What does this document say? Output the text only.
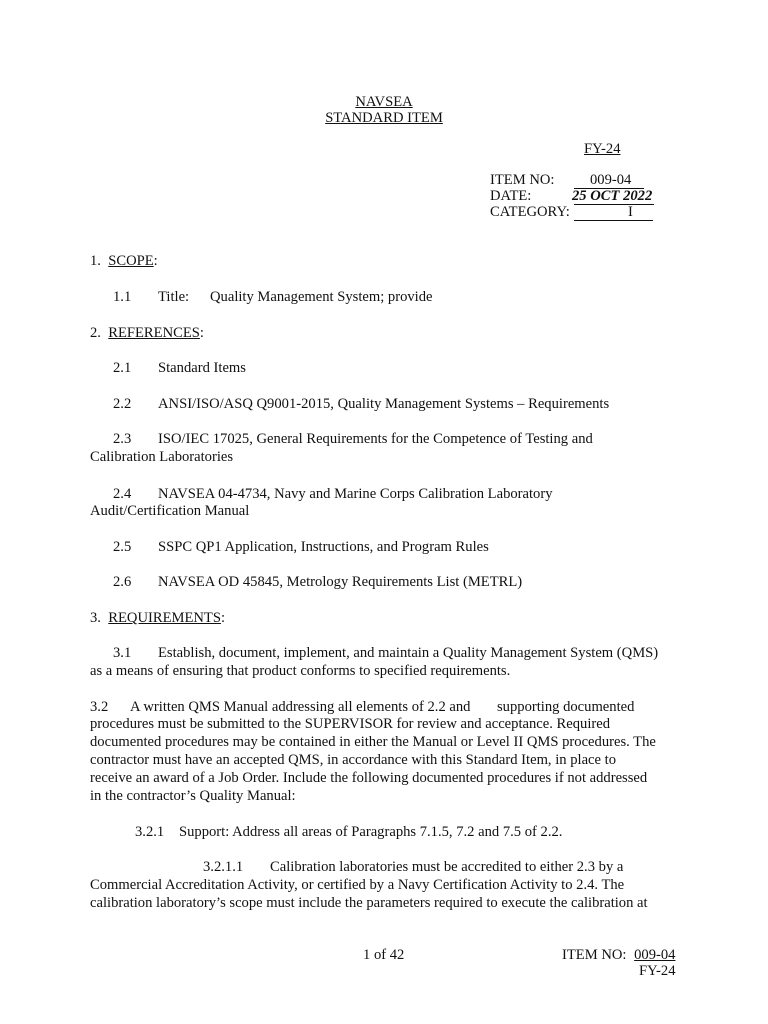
NAVSEA
STANDARD ITEM
FY-24
ITEM NO: 009-04
DATE:	25 OCT 2022
CATEGORY:	I
1. SCOPE:
1.1 Title: Quality Management System; provide
2. REFERENCES:
2.1 Standard Items
2.2 ANSI/ISO/ASQ Q9001-2015, Quality Management Systems – Requirements
2.3 ISO/IEC 17025, General Requirements for the Competence of Testing and
Calibration Laboratories
2.4 NAVSEA 04-4734, Navy and Marine Corps Calibration Laboratory
Audit/Certification Manual
2.5 SSPC QP1 Application, Instructions, and Program Rules
2.6 NAVSEA OD 45845, Metrology Requirements List (METRL)
3. REQUIREMENTS:
3.1 Establish, document, implement, and maintain a Quality Management System (QMS)
as a means of ensuring that product conforms to specified requirements.
3.2 A written QMS Manual addressing all elements of 2.2 and supporting documented
procedures must be submitted to the SUPERVISOR for review and acceptance. Required
documented procedures may be contained in either the Manual or Level II QMS procedures. The
contractor must have an accepted QMS, in accordance with this Standard Item, in place to
receive an award of a Job Order. Include the following documented procedures if not addressed
in the contractor’s Quality Manual:
3.2.1 Support: Address all areas of Paragraphs 7.1.5, 7.2 and 7.5 of 2.2.
3.2.1.1 Calibration laboratories must be accredited to either 2.3 by a
Commercial Accreditation Activity, or certified by a Navy Certification Activity to 2.4. The
calibration laboratory’s scope must include the parameters required to execute the calibration at
1 of 42	ITEM NO: 009-04
FY-24
